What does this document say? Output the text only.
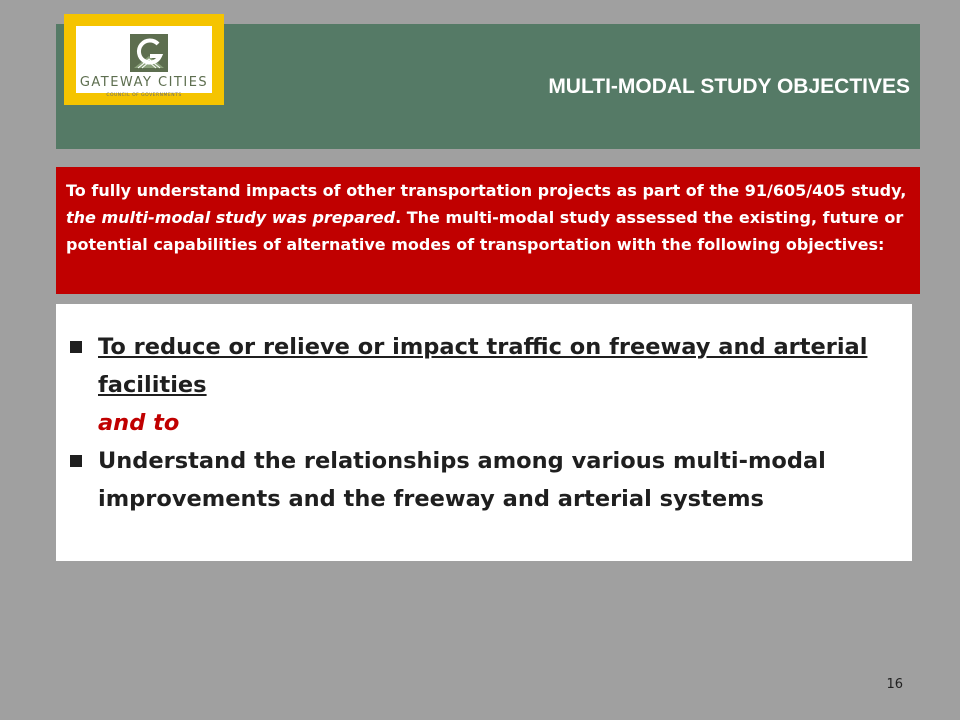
GATEWAY CITIES
COUNCIL OF GOVERNMENTS	MULTI-MODAL STUDY OBJECTIVES
To fully understand impacts of other transportation projects as part of the 91/605/405 study, the multi-modal study was prepared. The multi-modal study assessed the existing, future or potential capabilities of alternative modes of transportation with the following objectives:
To reduce or relieve or impact traffic on freeway and arterial facilities
and to
Understand the relationships among various multi-modal improvements and the freeway and arterial systems
16
